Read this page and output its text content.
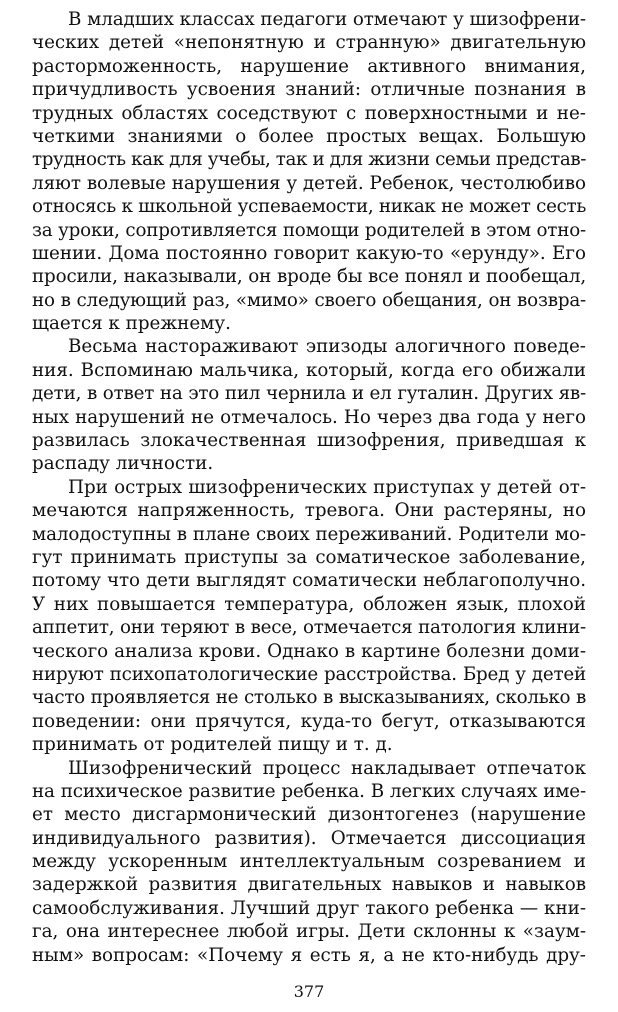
В младших классах педагоги отмечают у шизофрени-
ческих детей «непонятную и странную» двигательную
расторможенность, нарушение активного внимания,
причудливость усвоения знаний: отличные познания в
трудных областях соседствуют с поверхностными и не-
четкими знаниями о более простых вещах. Большую
трудность как для учебы, так и для жизни семьи представ-
ляют волевые нарушения у детей. Ребенок, честолюбиво
относясь к школьной успеваемости, никак не может сесть
за уроки, сопротивляется помощи родителей в этом отно-
шении. Дома постоянно говорит какую-то «ерунду». Его
просили, наказывали, он вроде бы все понял и пообещал,
но в следующий раз, «мимо» своего обещания, он возвра-
щается к прежнему.
Весьма настораживают эпизоды алогичного поведе-
ния. Вспоминаю мальчика, который, когда его обижали
дети, в ответ на это пил чернила и ел гуталин. Других яв-
ных нарушений не отмечалось. Но через два года у него
развилась злокачественная шизофрения, приведшая к
распаду личности.
При острых шизофренических приступах у детей от-
мечаются напряженность, тревога. Они растеряны, но
малодоступны в плане своих переживаний. Родители мо-
гут принимать приступы за соматическое заболевание,
потому что дети выглядят соматически неблагополучно.
У них повышается температура, обложен язык, плохой
аппетит, они теряют в весе, отмечается патология клини-
ческого анализа крови. Однако в картине болезни доми-
нируют психопатологические расстройства. Бред у детей
часто проявляется не столько в высказываниях, сколько в
поведении: они прячутся, куда-то бегут, отказываются
принимать от родителей пищу и т. д.
Шизофренический процесс накладывает отпечаток
на психическое развитие ребенка. В легких случаях име-
ет место дисгармонический дизонтогенез (нарушение
индивидуального развития). Отмечается диссоциация
между ускоренным интеллектуальным созреванием и
задержкой развития двигательных навыков и навыков
самообслуживания. Лучший друг такого ребенка — кни-
га, она интереснее любой игры. Дети склонны к «заум-
ным» вопросам: «Почему я есть я, а не кто-нибудь дру-
377
